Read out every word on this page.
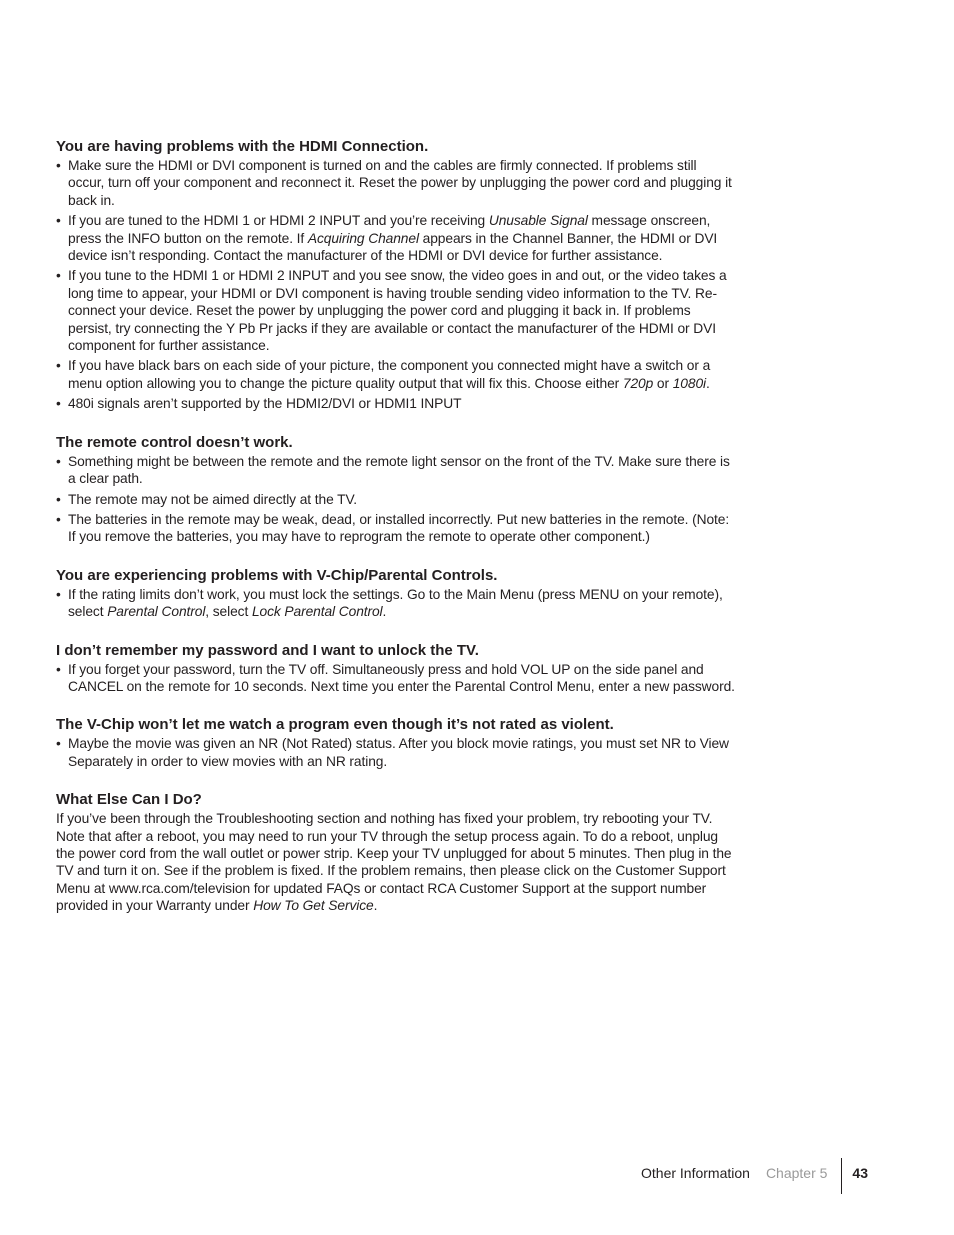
You are having problems with the HDMI Connection.

• Make sure the HDMI or DVI component is turned on and the cables are firmly connected. If problems still occur, turn off your component and reconnect it. Reset the power by unplugging the power cord and plugging it back in.
• If you are tuned to the HDMI 1 or HDMI 2 INPUT and you’re receiving Unusable Signal message onscreen, press the INFO button on the remote. If Acquiring Channel appears in the Channel Banner, the HDMI or DVI device isn’t responding. Contact the manufacturer of the HDMI or DVI device for further assistance.
• If you tune to the HDMI 1 or HDMI 2 INPUT and you see snow, the video goes in and out, or the video takes a long time to appear, your HDMI or DVI component is having trouble sending video information to the TV. Re-connect your device. Reset the power by unplugging the power cord and plugging it back in. If problems persist, try connecting the Y Pb Pr jacks if they are available or contact the manufacturer of the HDMI or DVI component for further assistance.
• If you have black bars on each side of your picture, the component you connected might have a switch or a menu option allowing you to change the picture quality output that will fix this. Choose either 720p or 1080i.
• 480i signals aren’t supported by the HDMI2/DVI or HDMI1 INPUT

The remote control doesn’t work.

• Something might be between the remote and the remote light sensor on the front of the TV. Make sure there is a clear path.
• The remote may not be aimed directly at the TV.
• The batteries in the remote may be weak, dead, or installed incorrectly. Put new batteries in the remote. (Note: If you remove the batteries, you may have to reprogram the remote to operate other component.)

You are experiencing problems with V-Chip/Parental Controls.

• If the rating limits don’t work, you must lock the settings. Go to the Main Menu (press MENU on your remote), select Parental Control, select Lock Parental Control.

I don’t remember my password and I want to unlock the TV.

• If you forget your password, turn the TV off. Simultaneously press and hold VOL UP on the side panel and CANCEL on the remote for 10 seconds. Next time you enter the Parental Control Menu, enter a new password.

The V-Chip won’t let me watch a program even though it’s not rated as violent.

• Maybe the movie was given an NR (Not Rated) status. After you block movie ratings, you must set NR to View Separately in order to view movies with an NR rating.

What Else Can I Do?

If you’ve been through the Troubleshooting section and nothing has fixed your problem, try rebooting your TV. Note that after a reboot, you may need to run your TV through the setup process again. To do a reboot, unplug the power cord from the wall outlet or power strip. Keep your TV unplugged for about 5 minutes. Then plug in the TV and turn it on. See if the problem is fixed. If the problem remains, then please click on the Customer Support Menu at www.rca.com/television for updated FAQs or contact RCA Customer Support at the support number provided in your Warranty under How To Get Service.

Other Information Chapter 5 43
